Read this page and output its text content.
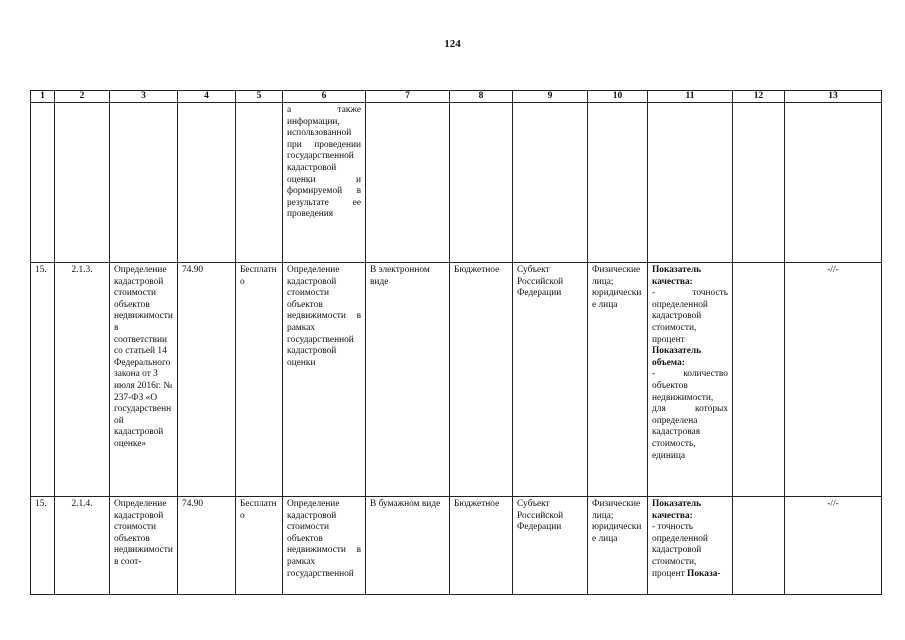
124
1	2	3	4	5	6	7	8	9	10	11	12	13
					а также информации, использованной при проведении государственной кадастровой оценки и формируемой в результате ее проведения							
15.	2.1.3.	Определение кадастровой стоимости объектов недвижимости в соответствии со статьей 14 Федерального закона от 3 июля 2016г. № 237-ФЗ «О государственной кадастровой оценке»	74.90	Бесплатно	Определение кадастровой стоимости объектов недвижимости в рамках государственной кадастровой оценки	В электронном виде	Бюджетное	Субъект Российской Федерации	Физические лица; юридические лица	Показатель качества:
- точность определенной кадастровой стоимости, процент
Показатель объема:
- количество объектов недвижимости, для которых определена кадастровая стоимость, единица		-//-
15.	2.1.4.	Определение кадастровой стоимости объектов недвижимости в соот-	74.90	Бесплатно	Определение кадастровой стоимости объектов недвижимости в рамках государственной	В бумажном виде	Бюджетное	Субъект Российской Федерации	Физические лица; юридические лица	Показатель качества:
- точность определенной кадастровой стоимости, процент Показа-		-//-
